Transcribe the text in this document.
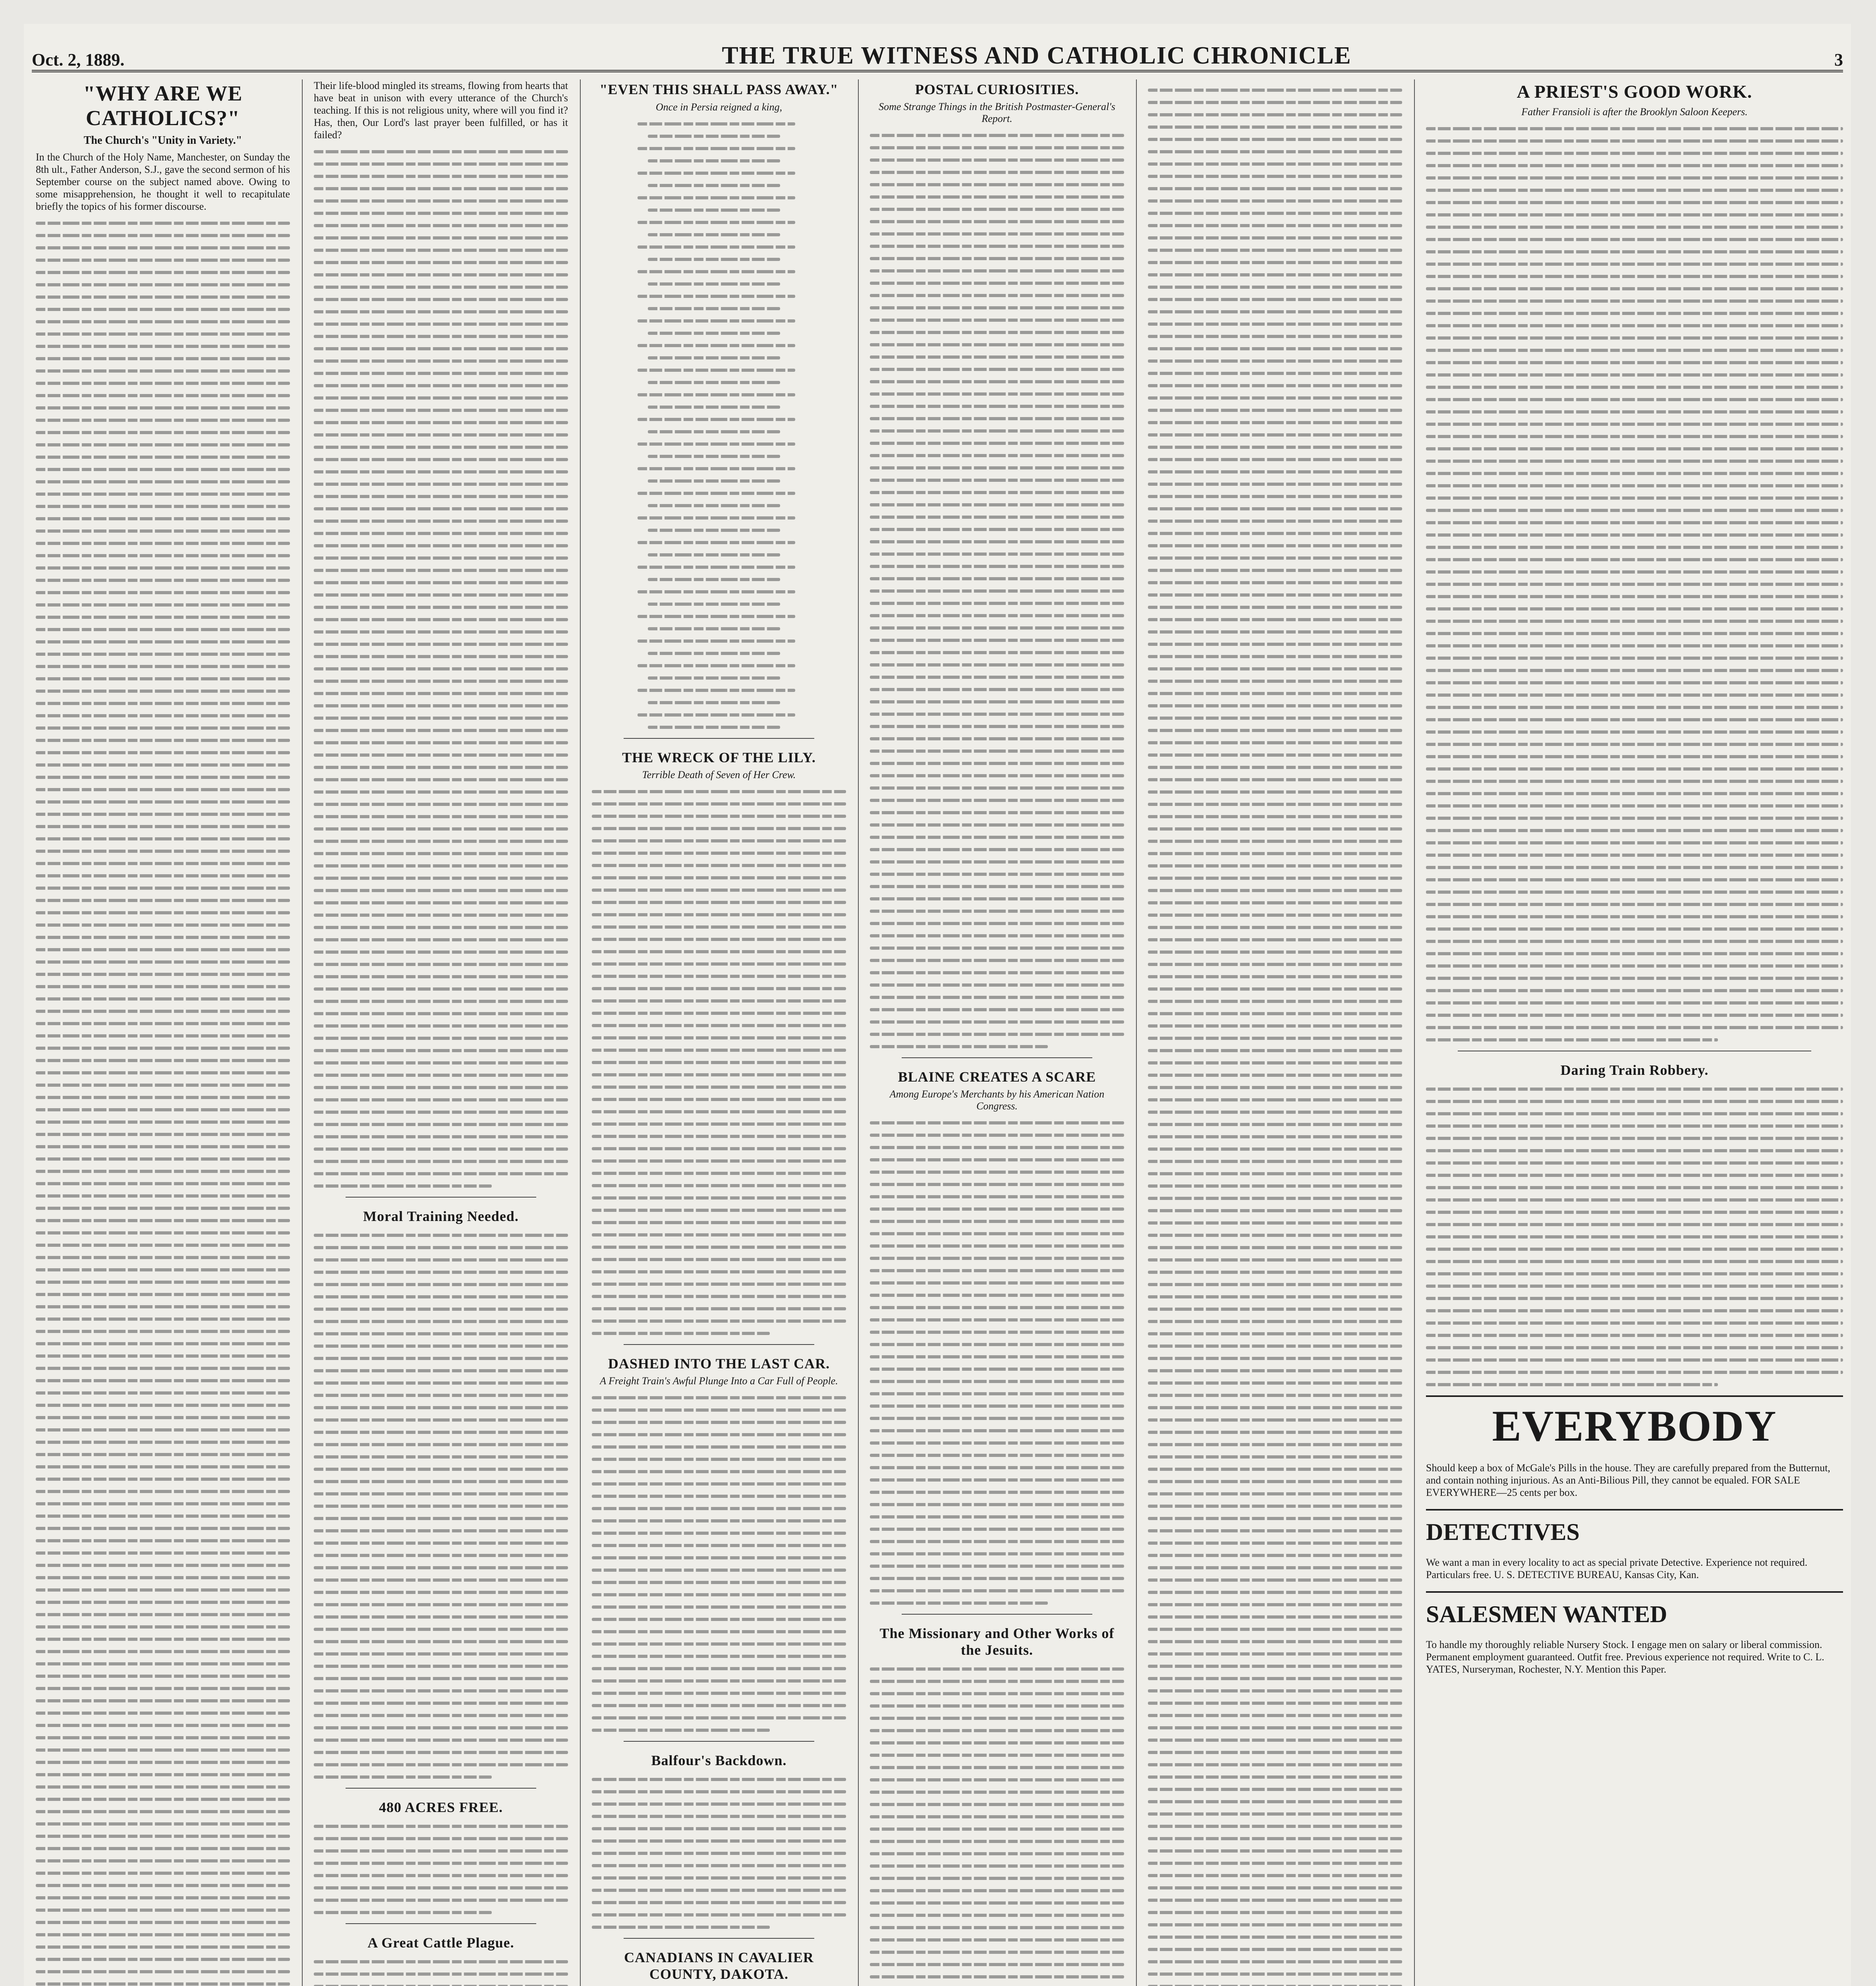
Oct. 2, 1889.	THE TRUE WITNESS AND CATHOLIC CHRONICLE	3
"WHY ARE WE CATHOLICS?"
The Church's "Unity in Variety."

In the Church of the Holy Name, Manchester, on Sunday the 8th ult., Father Anderson, S.J., gave the second sermon of his September course on the subject named above. Owing to some misapprehension, he thought it well to recapitulate briefly the topics of his former discourse.

Their life-blood mingled its streams, flowing from hearts that have beat in unison with every utterance of the Church's teaching. If this is not religious unity, where will you find it? Has, then, Our Lord's last prayer been fulfilled, or has it failed?

Moral Training Needed.
480 ACRES FREE.
A Great Cattle Plague.
"EVEN THIS SHALL PASS AWAY."

Once in Persia reigned a king,

THE WRECK OF THE LILY.
Terrible Death of Seven of Her Crew.
DASHED INTO THE LAST CAR.
A Freight Train's Awful Plunge Into a Car Full of People.
Balfour's Backdown.
CANADIANS IN CAVALIER COUNTY, DAKOTA.
POSTAL CURIOSITIES.
Some Strange Things in the British Postmaster-General's Report.
BLAINE CREATES A SCARE
Among Europe's Merchants by his American Nation Congress.
The Missionary and Other Works of the Jesuits.
A PRIEST'S GOOD WORK.
Father Fransioli is after the Brooklyn Saloon Keepers.
Daring Train Robbery.
EVERYBODY

Should keep a box of McGale's Pills in the house. They are carefully prepared from the Butternut, and contain nothing injurious. As an Anti-Bilious Pill, they cannot be equaled. FOR SALE EVERYWHERE—25 cents per box.

DETECTIVES

We want a man in every locality to act as special private Detective. Experience not required. Particulars free. U. S. DETECTIVE BUREAU, Kansas City, Kan.

SALESMEN WANTED

To handle my thoroughly reliable Nursery Stock. I engage men on salary or liberal commission. Permanent employment guaranteed. Outfit free. Previous experience not required. Write to C. L. YATES, Nurseryman, Rochester, N.Y. Mention this Paper.
